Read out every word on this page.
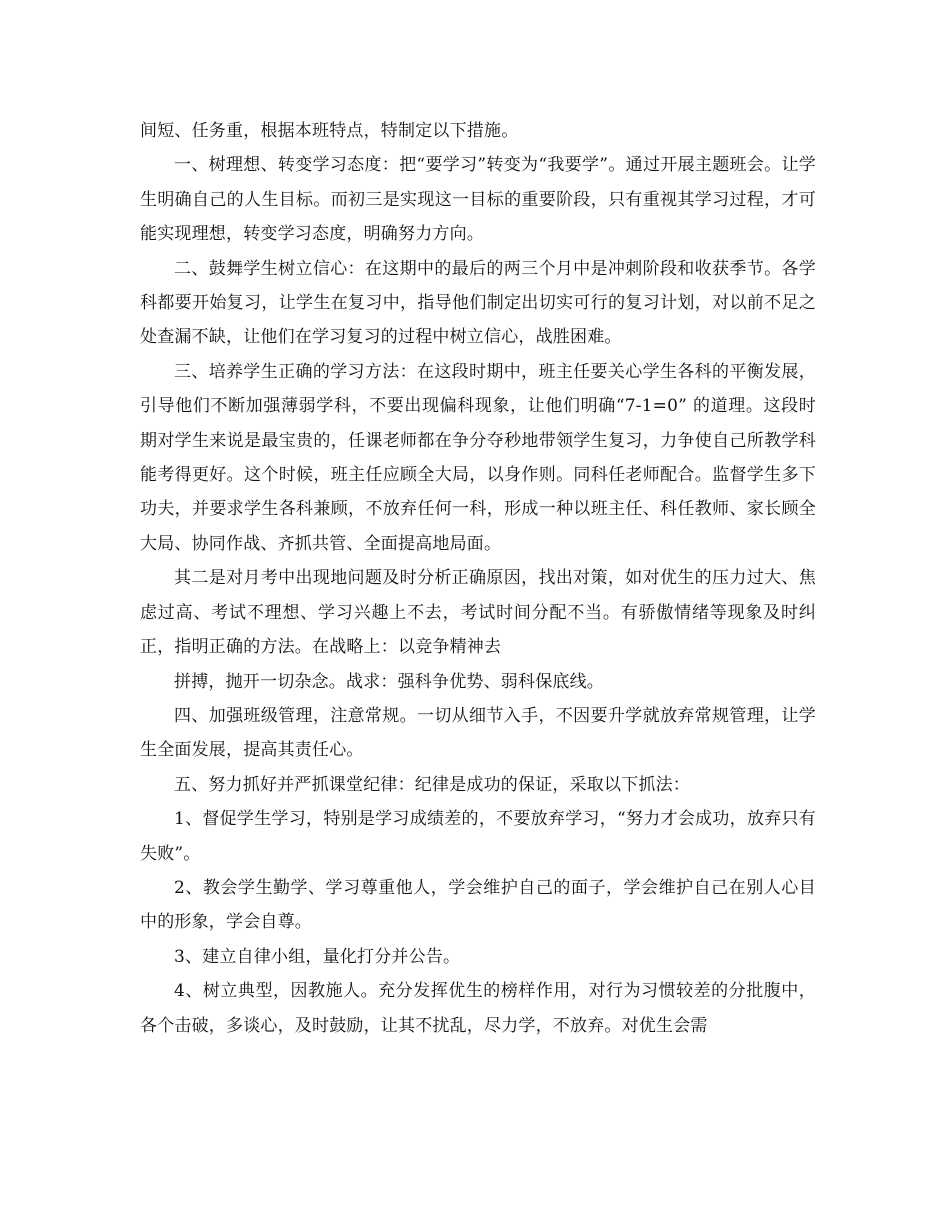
间短、任务重，根据本班特点，特制定以下措施。

一、树理想、转变学习态度：把“要学习”转变为“我要学”。通过开展主题班会。让学生明确自己的人生目标。而初三是实现这一目标的重要阶段，只有重视其学习过程，才可能实现理想，转变学习态度，明确努力方向。

二、鼓舞学生树立信心：在这期中的最后的两三个月中是冲刺阶段和收获季节。各学科都要开始复习，让学生在复习中，指导他们制定出切实可行的复习计划，对以前不足之处查漏不缺，让他们在学习复习的过程中树立信心，战胜困难。

三、培养学生正确的学习方法：在这段时期中，班主任要关心学生各科的平衡发展，引导他们不断加强薄弱学科，不要出现偏科现象，让他们明确“7-1=0” 的道理。这段时期对学生来说是最宝贵的，任课老师都在争分夺秒地带领学生复习，力争使自己所教学科能考得更好。这个时候，班主任应顾全大局，以身作则。同科任老师配合。监督学生多下功夫，并要求学生各科兼顾，不放弃任何一科，形成一种以班主任、科任教师、家长顾全大局、协同作战、齐抓共管、全面提高地局面。

其二是对月考中出现地问题及时分析正确原因，找出对策，如对优生的压力过大、焦虑过高、考试不理想、学习兴趣上不去，考试时间分配不当。有骄傲情绪等现象及时纠正，指明正确的方法。在战略上：以竞争精神去

拼搏，抛开一切杂念。战求：强科争优势、弱科保底线。

四、加强班级管理，注意常规。一切从细节入手，不因要升学就放弃常规管理，让学生全面发展，提高其责任心。

五、努力抓好并严抓课堂纪律：纪律是成功的保证，采取以下抓法：

1、督促学生学习，特别是学习成绩差的，不要放弃学习，“努力才会成功，放弃只有失败”。

2、教会学生勤学、学习尊重他人，学会维护自己的面子，学会维护自己在别人心目中的形象，学会自尊。

3、建立自律小组，量化打分并公告。

4、树立典型，因教施人。充分发挥优生的榜样作用，对行为习惯较差的分批腹中，各个击破，多谈心，及时鼓励，让其不扰乱，尽力学，不放弃。对优生会需
